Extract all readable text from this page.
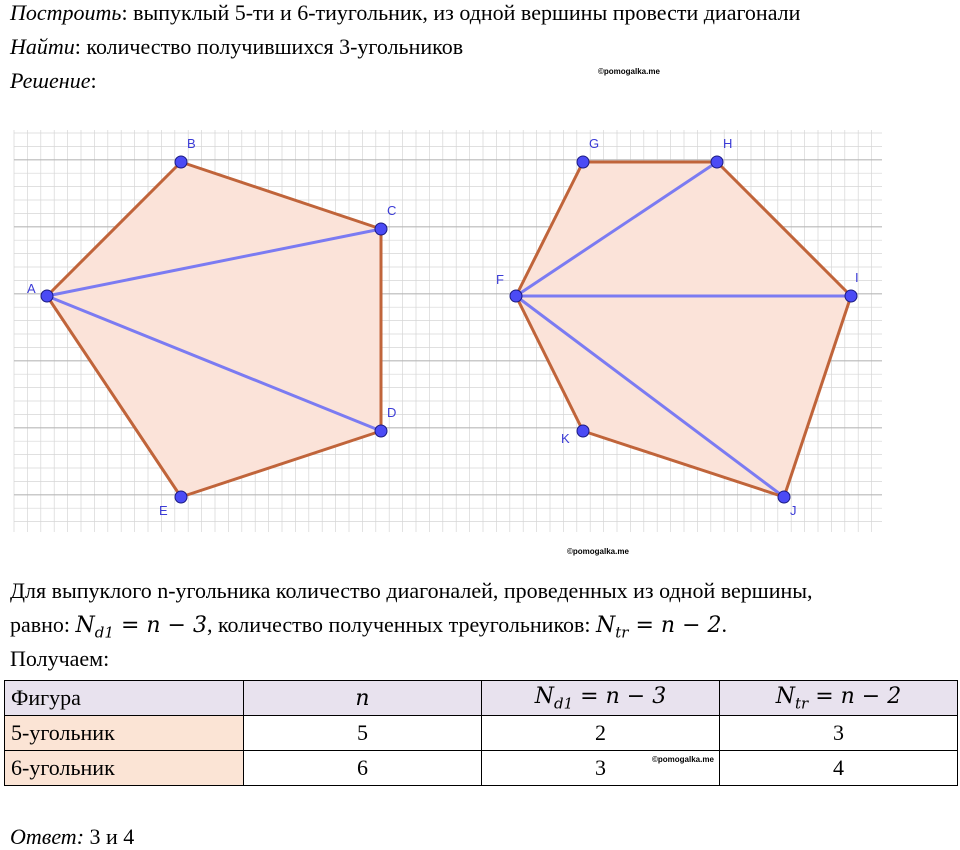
Построить: выпуклый 5-ти и 6-тиугольник, из одной вершины провести диагонали
Найти: количество получившихся 3-угольников
Решение:	©pomogalka.me
A
B
C
D
E
F
G	H
I
J
K
©pomogalka.me
Для выпуклого n-угольника количество диагоналей, проведенных из одной вершины,
равно: $N_{d1} = n - 3$, количество полученных треугольников: $N_{tr} = n - 2$.
Получаем:
Фигура	n	$N_{d1} = n - 3$	$N_{tr} = n - 2$
5-угольник	5	2	3
6-угольник	6	3	4
©pomogalka.me
Ответ: 3 и 4
